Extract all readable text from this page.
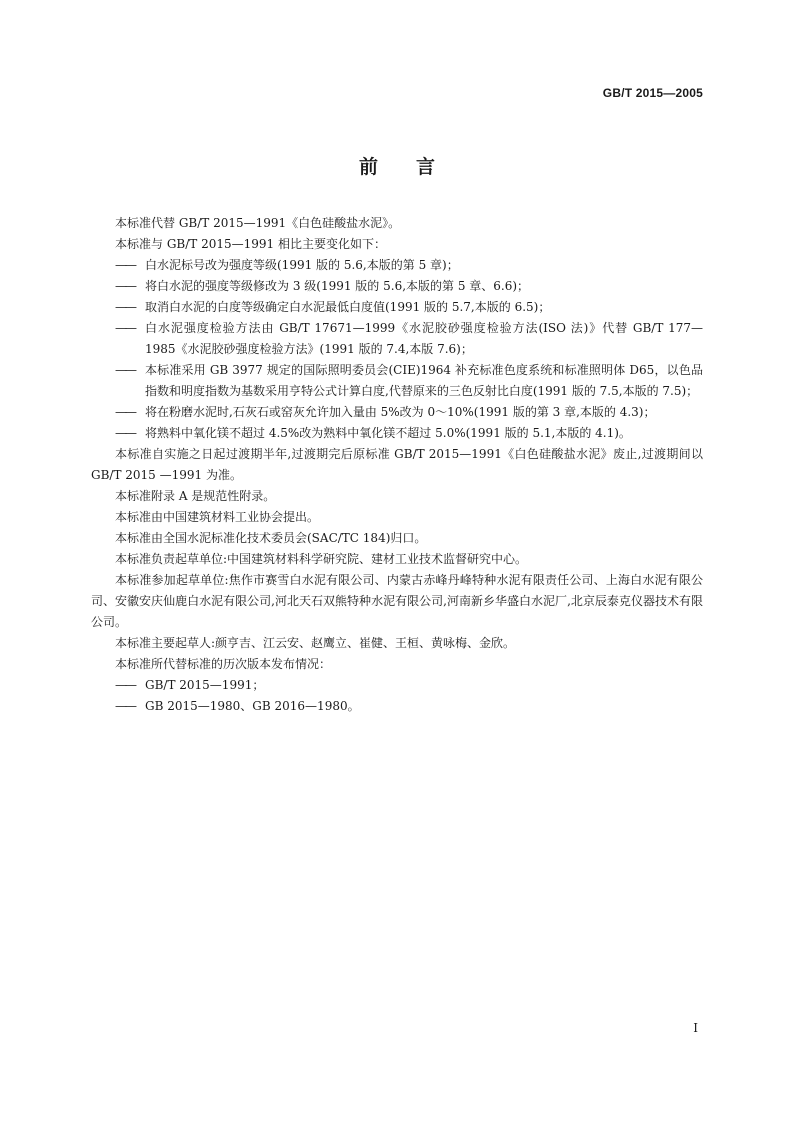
GB/T 2015—2005
前言

本标准代替 GB/T 2015—1991《白色硅酸盐水泥》。

本标准与 GB/T 2015—1991 相比主要变化如下：

—— 白水泥标号改为强度等级(1991 版的 5.6,本版的第 5 章)；
—— 将白水泥的强度等级修改为 3 级(1991 版的 5.6,本版的第 5 章、6.6)；
—— 取消白水泥的白度等级确定白水泥最低白度值(1991 版的 5.7,本版的 6.5)；
—— 白水泥强度检验方法由 GB/T 17671—1999《水泥胶砂强度检验方法(ISO 法)》代替 GB/T 177—1985《水泥胶砂强度检验方法》(1991 版的 7.4,本版 7.6)；
—— 本标准采用 GB 3977 规定的国际照明委员会(CIE)1964 补充标准色度系统和标准照明体 D65，以色品指数和明度指数为基数采用亨特公式计算白度,代替原来的三色反射比白度(1991 版的 7.5,本版的 7.5)；
—— 将在粉磨水泥时,石灰石或窑灰允许加入量由 5%改为 0～10%(1991 版的第 3 章,本版的 4.3)；
—— 将熟料中氧化镁不超过 4.5%改为熟料中氧化镁不超过 5.0%(1991 版的 5.1,本版的 4.1)。

本标准自实施之日起过渡期半年,过渡期完后原标准 GB/T 2015—1991《白色硅酸盐水泥》废止,过渡期间以 GB/T 2015 —1991 为准。

本标准附录 A 是规范性附录。

本标准由中国建筑材料工业协会提出。

本标准由全国水泥标准化技术委员会(SAC/TC 184)归口。

本标准负责起草单位:中国建筑材料科学研究院、建材工业技术监督研究中心。

本标准参加起草单位:焦作市赛雪白水泥有限公司、内蒙古赤峰丹峰特种水泥有限责任公司、上海白水泥有限公司、安徽安庆仙鹿白水泥有限公司,河北天石双熊特种水泥有限公司,河南新乡华盛白水泥厂,北京辰泰克仪器技术有限公司。

本标准主要起草人:颜亨吉、江云安、赵鹰立、崔健、王桓、黄咏梅、金欣。

本标准所代替标准的历次版本发布情况：

—— GB/T 2015—1991；
—— GB 2015—1980、GB 2016—1980。
I
